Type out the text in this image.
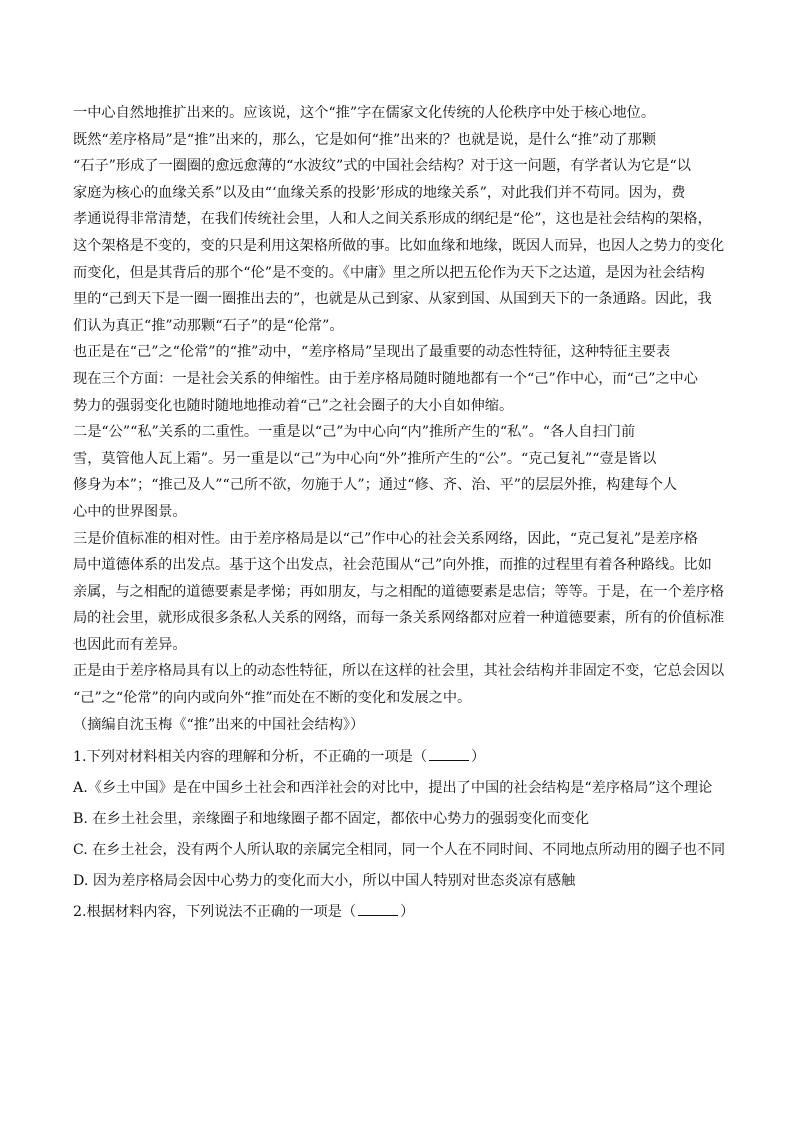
一中心自然地推扩出来的。应该说，这个“推”字在儒家文化传统的人伦秩序中处于核心地位。
既然“差序格局”是“推”出来的，那么，它是如何“推”出来的？也就是说，是什么“推”动了那颗
“石子”形成了一圈圈的愈远愈薄的“水波纹”式的中国社会结构？对于这一问题，有学者认为它是“以
家庭为核心的血缘关系”以及由“‘血缘关系的投影’形成的地缘关系”，对此我们并不苟同。因为，费
孝通说得非常清楚，在我们传统社会里，人和人之间关系形成的纲纪是“伦”，这也是社会结构的架格，
这个架格是不变的，变的只是利用这架格所做的事。比如血缘和地缘，既因人而异，也因人之势力的变化
而变化，但是其背后的那个“伦”是不变的。《中庸》里之所以把五伦作为天下之达道，是因为社会结构
里的“己到天下是一圈一圈推出去的”，也就是从己到家、从家到国、从国到天下的一条通路。因此，我
们认为真正“推”动那颗“石子”的是“伦常”。
也正是在“己”之“伦常”的“推”动中，“差序格局”呈现出了最重要的动态性特征，这种特征主要表
现在三个方面：一是社会关系的伸缩性。由于差序格局随时随地都有一个“己”作中心，而“己”之中心
势力的强弱变化也随时随地地推动着“己”之社会圈子的大小自如伸缩。
二是“公”“私”关系的二重性。一重是以“己”为中心向“内”推所产生的“私”。“各人自扫门前
雪，莫管他人瓦上霜”。另一重是以“己”为中心向“外”推所产生的“公”。“克己复礼”“壹是皆以
修身为本”；“推己及人”“己所不欲，勿施于人”；通过“修、齐、治、平”的层层外推，构建每个人
心中的世界图景。
三是价值标准的相对性。由于差序格局是以“己”作中心的社会关系网络，因此，“克己复礼”是差序格
局中道德体系的出发点。基于这个出发点，社会范围从“己”向外推，而推的过程里有着各种路线。比如
亲属，与之相配的道德要素是孝悌；再如朋友，与之相配的道德要素是忠信；等等。于是，在一个差序格
局的社会里，就形成很多条私人关系的网络，而每一条关系网络都对应着一种道德要素，所有的价值标准
也因此而有差异。
正是由于差序格局具有以上的动态性特征，所以在这样的社会里，其社会结构并非固定不变，它总会因以
“己”之“伦常”的向内或向外“推”而处在不断的变化和发展之中。
（摘编自沈玉梅《“推”出来的中国社会结构》）
1.下列对材料相关内容的理解和分析，不正确的一项是（	）
A.《乡土中国》是在中国乡土社会和西洋社会的对比中，提出了中国的社会结构是“差序格局”这个理论
B. 在乡土社会里，亲缘圈子和地缘圈子都不固定，都依中心势力的强弱变化而变化
C. 在乡土社会，没有两个人所认取的亲属完全相同，同一个人在不同时间、不同地点所动用的圈子也不同
D. 因为差序格局会因中心势力的变化而大小，所以中国人特别对世态炎凉有感触
2.根据材料内容，下列说法不正确的一项是（	）
